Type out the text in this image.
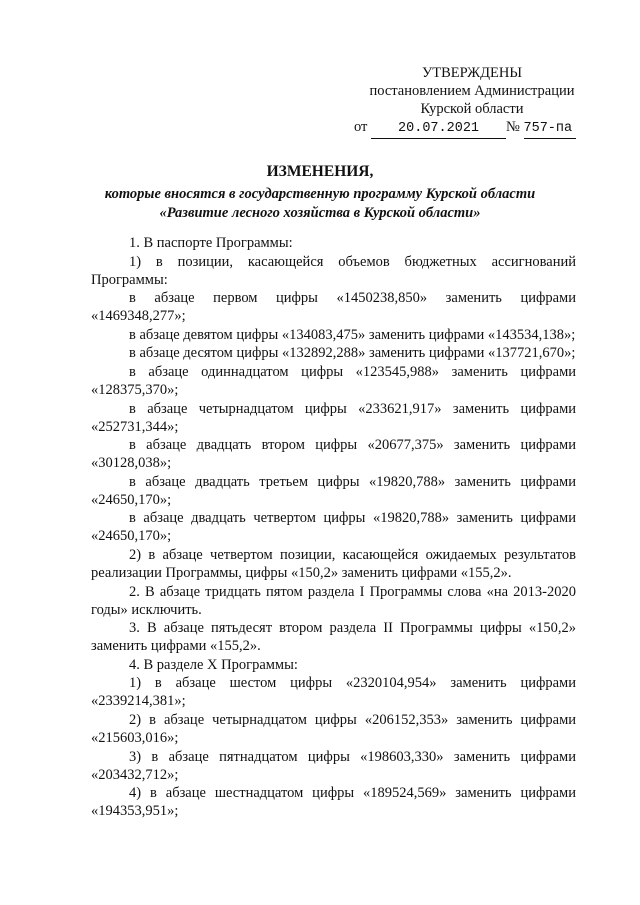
УТВЕРЖДЕНЫ
постановлением Администрации
Курской области
от 20.07.2021 № 757-па
ИЗМЕНЕНИЯ,
которые вносятся в государственную программу Курской области
«Развитие лесного хозяйства в Курской области»

1. В паспорте Программы:

1) в позиции, касающейся объемов бюджетных ассигнований Программы:

в абзаце первом цифры «1450238,850» заменить цифрами «1469348,277»;

в абзаце девятом цифры «134083,475» заменить цифрами «143534,138»;

в абзаце десятом цифры «132892,288» заменить цифрами «137721,670»;

в абзаце одиннадцатом цифры «123545,988» заменить цифрами «128375,370»;

в абзаце четырнадцатом цифры «233621,917» заменить цифрами «252731,344»;

в абзаце двадцать втором цифры «20677,375» заменить цифрами «30128,038»;

в абзаце двадцать третьем цифры «19820,788» заменить цифрами «24650,170»;

в абзаце двадцать четвертом цифры «19820,788» заменить цифрами «24650,170»;

2) в абзаце четвертом позиции, касающейся ожидаемых результатов реализации Программы, цифры «150,2» заменить цифрами «155,2».

2. В абзаце тридцать пятом раздела I Программы слова «на 2013-2020 годы» исключить.

3. В абзаце пятьдесят втором раздела II Программы цифры «150,2» заменить цифрами «155,2».

4. В разделе X Программы:

1) в абзаце шестом цифры «2320104,954» заменить цифрами «2339214,381»;

2) в абзаце четырнадцатом цифры «206152,353» заменить цифрами «215603,016»;

3) в абзаце пятнадцатом цифры «198603,330» заменить цифрами «203432,712»;

4) в абзаце шестнадцатом цифры «189524,569» заменить цифрами «194353,951»;
